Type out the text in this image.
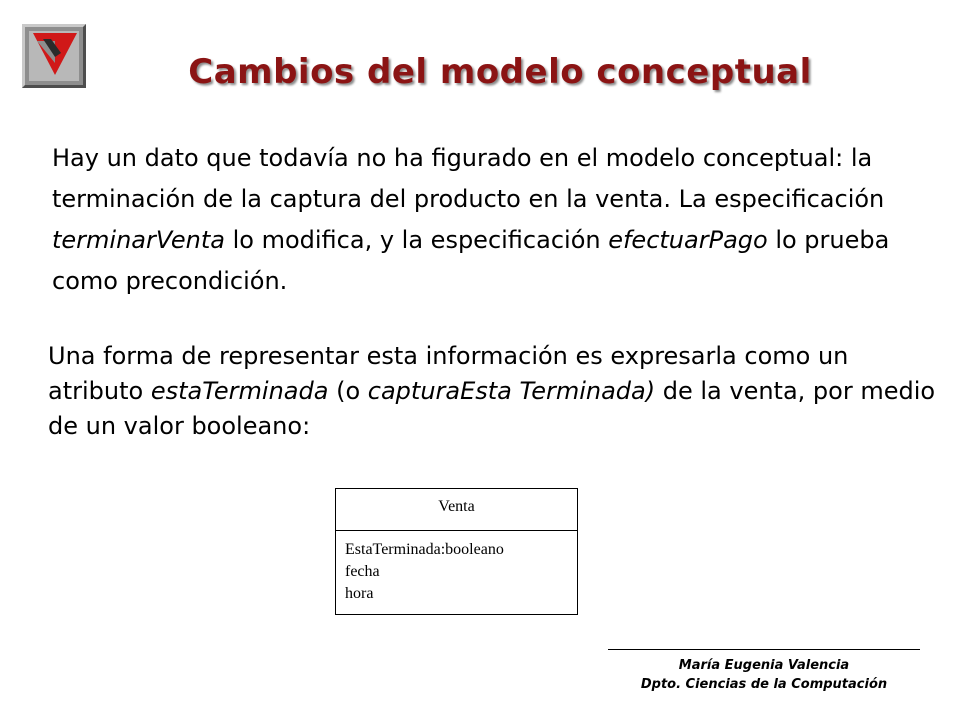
Cambios del modelo conceptual

Hay un dato que todavía no ha figurado en el modelo conceptual: la terminación de la captura del producto en la venta. La especificación terminarVenta lo modifica, y la especificación efectuarPago lo prueba como precondición.

Una forma de representar esta información es expresarla como un atributo estaTerminada (o capturaEsta Terminada) de la venta, por medio de un valor booleano:

Venta
EstaTerminada:booleano
fecha
hora
María Eugenia Valencia
Dpto. Ciencias de la Computación
